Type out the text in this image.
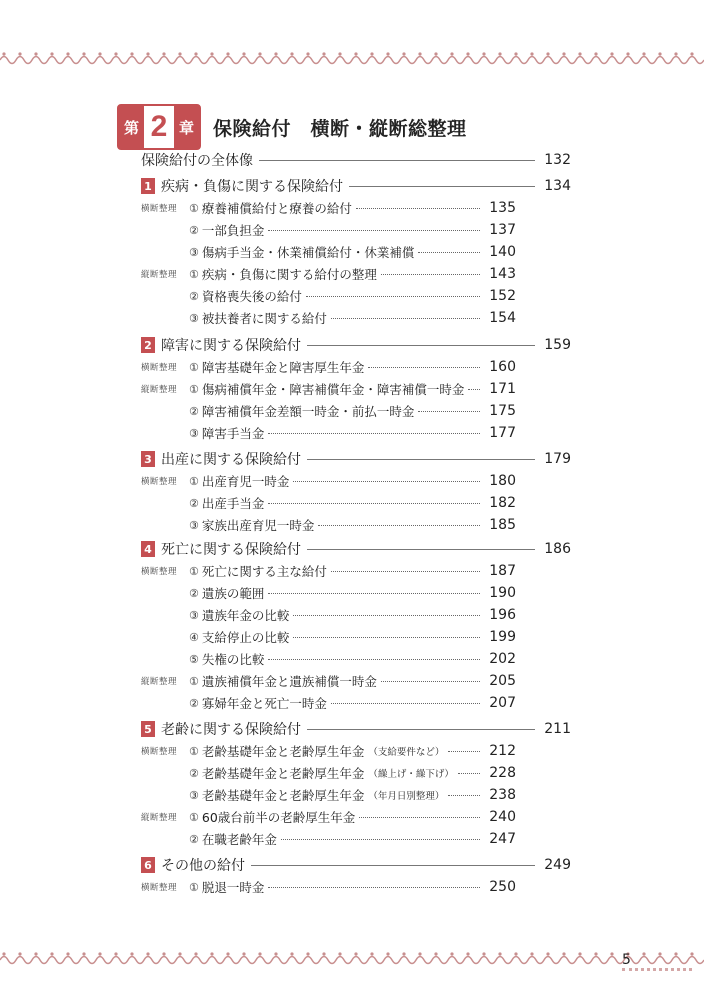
第 2 章 保険給付　横断・縦断総整理
保険給付の全体像	132
1 疾病・負傷に関する保険給付	134
横断整理	① 療養補償給付と療養の給付	135
② 一部負担金	137
③ 傷病手当金・休業補償給付・休業補償	140
縦断整理	① 疾病・負傷に関する給付の整理	143
② 資格喪失後の給付	152
③ 被扶養者に関する給付	154
2 障害に関する保険給付	159
横断整理	① 障害基礎年金と障害厚生年金	160
縦断整理	① 傷病補償年金・障害補償年金・障害補償一時金	171
② 障害補償年金差額一時金・前払一時金	175
③ 障害手当金	177
3 出産に関する保険給付	179
横断整理	① 出産育児一時金	180
② 出産手当金	182
③ 家族出産育児一時金	185
4 死亡に関する保険給付	186
横断整理	① 死亡に関する主な給付	187
② 遺族の範囲	190
③ 遺族年金の比較	196
④ 支給停止の比較	199
⑤ 失権の比較	202
縦断整理	① 遺族補償年金と遺族補償一時金	205
② 寡婦年金と死亡一時金	207
5 老齢に関する保険給付	211
横断整理	① 老齢基礎年金と老齢厚生年金 （支給要件など）	212
② 老齢基礎年金と老齢厚生年金 （繰上げ・繰下げ）	228
③ 老齢基礎年金と老齢厚生年金 （年月日別整理）	238
縦断整理	① 60歳台前半の老齢厚生年金	240
② 在職老齢年金	247
6 その他の給付	249
横断整理	① 脱退一時金	250
5
